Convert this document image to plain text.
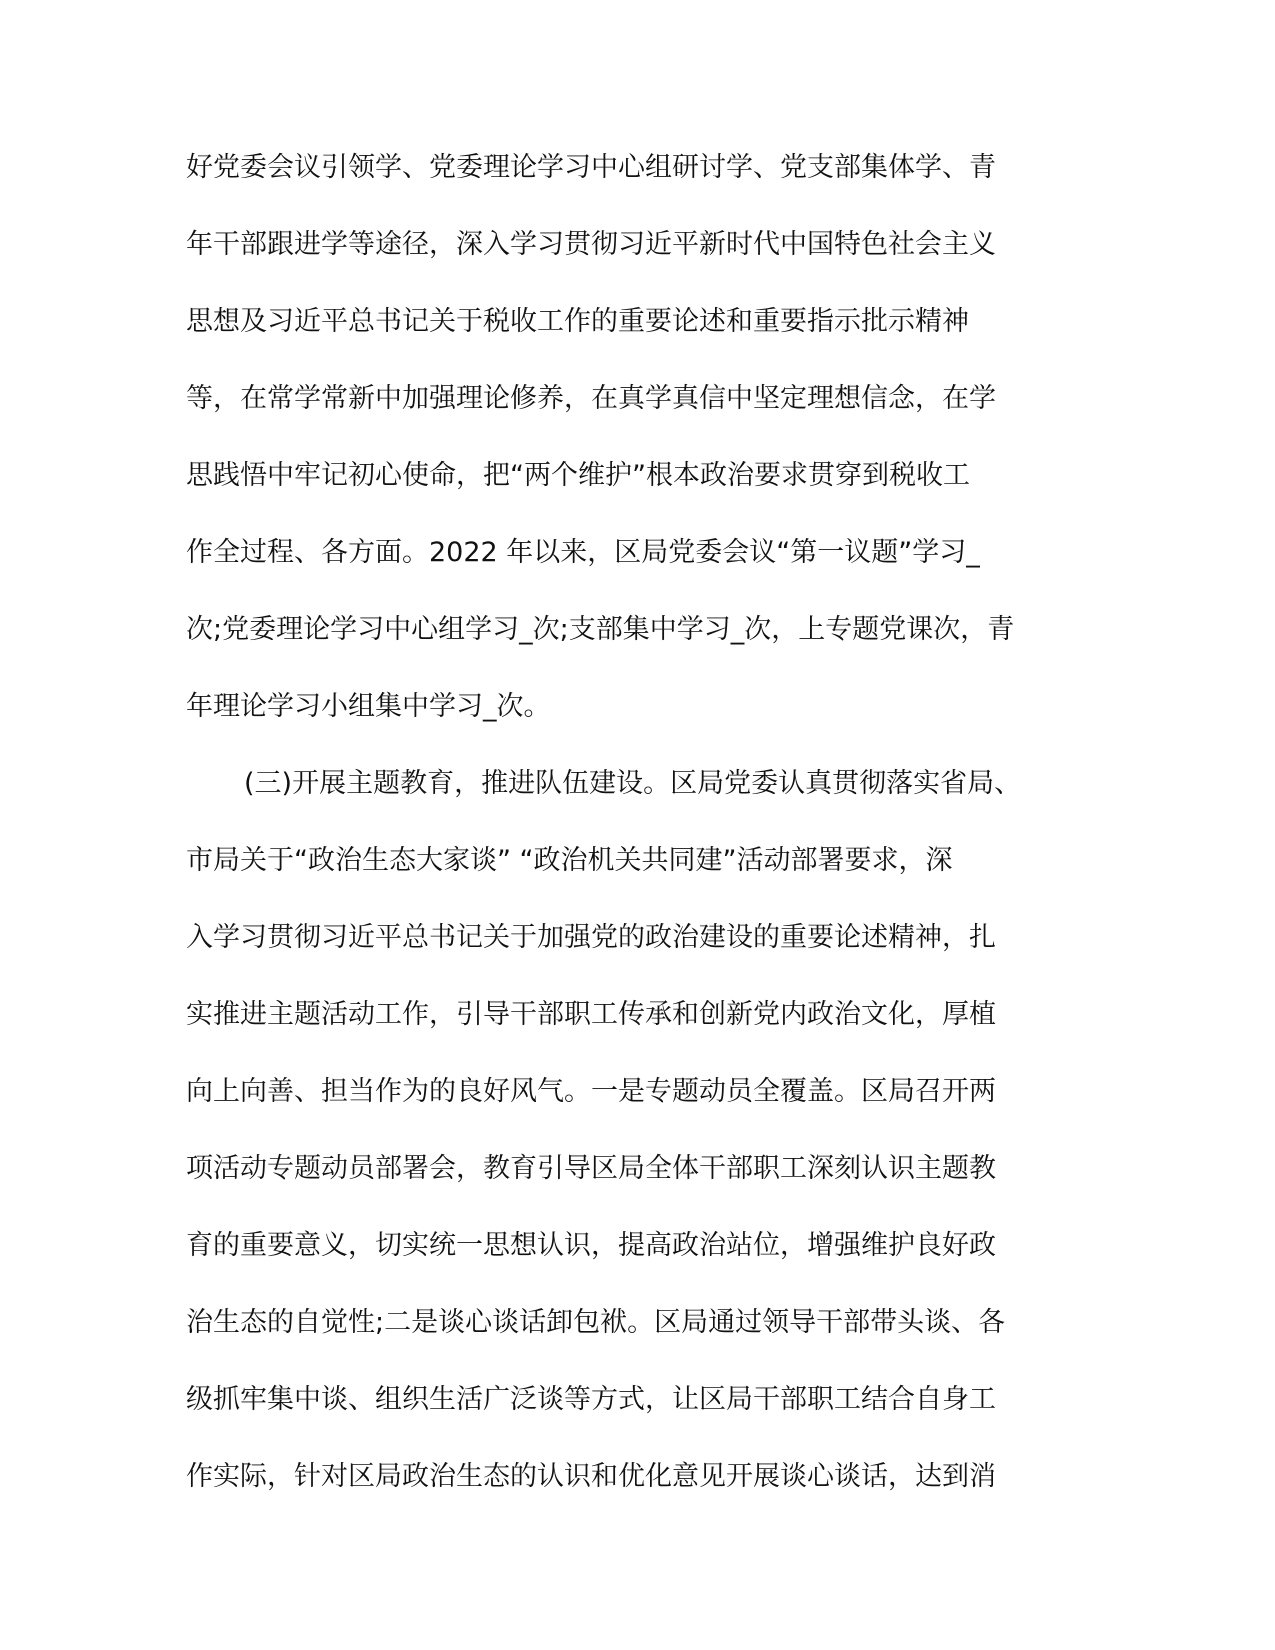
好党委会议引领学、党委理论学习中心组研讨学、党支部集体学、青
年干部跟进学等途径，深入学习贯彻习近平新时代中国特色社会主义
思想及习近平总书记关于税收工作的重要论述和重要指示批示精神
等，在常学常新中加强理论修养，在真学真信中坚定理想信念，在学
思践悟中牢记初心使命，把“两个维护”根本政治要求贯穿到税收工
作全过程、各方面。2022 年以来，区局党委会议“第一议题”学习_
次;党委理论学习中心组学习_次;支部集中学习_次，上专题党课次，青
年理论学习小组集中学习_次。
(三)开展主题教育，推进队伍建设。区局党委认真贯彻落实省局、
市局关于“政治生态大家谈” “政治机关共同建”活动部署要求，深
入学习贯彻习近平总书记关于加强党的政治建设的重要论述精神，扎
实推进主题活动工作，引导干部职工传承和创新党内政治文化，厚植
向上向善、担当作为的良好风气。一是专题动员全覆盖。区局召开两
项活动专题动员部署会，教育引导区局全体干部职工深刻认识主题教
育的重要意义，切实统一思想认识，提高政治站位，增强维护良好政
治生态的自觉性;二是谈心谈话卸包袱。区局通过领导干部带头谈、各
级抓牢集中谈、组织生活广泛谈等方式，让区局干部职工结合自身工
作实际，针对区局政治生态的认识和优化意见开展谈心谈话，达到消
